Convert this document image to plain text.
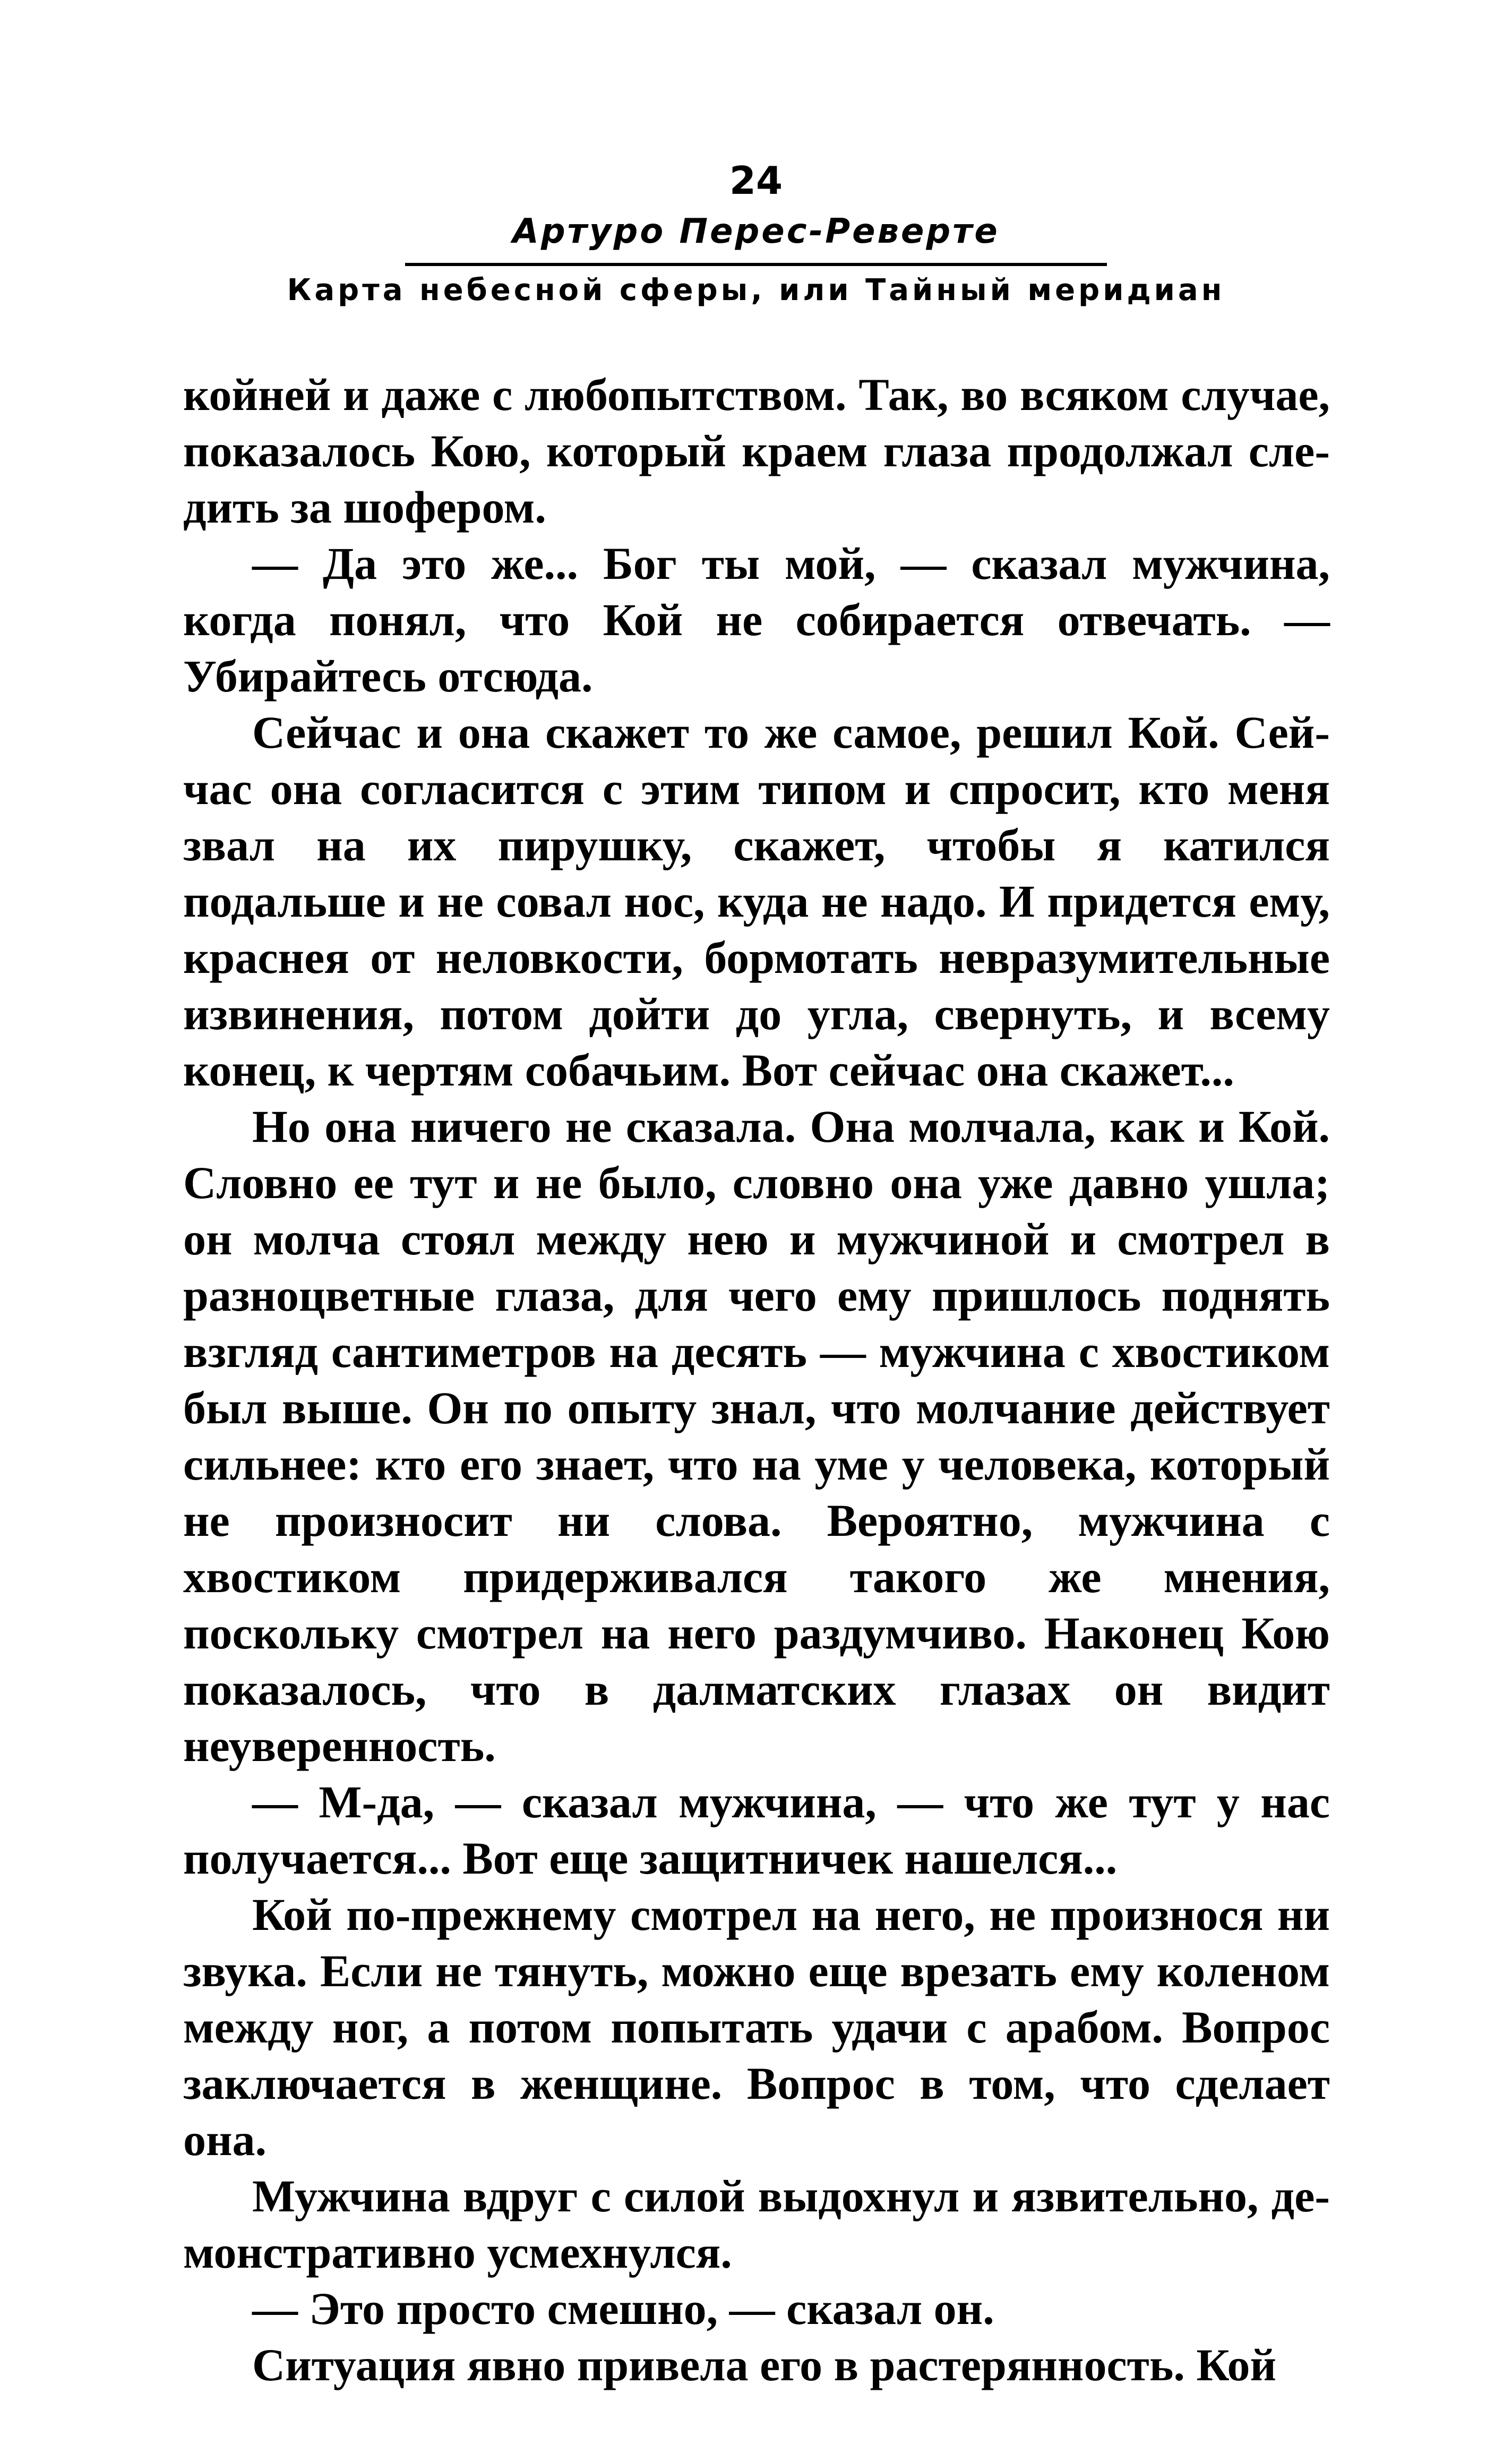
24
Артуро Перес-Реверте
Карта небесной сферы, или Тайный меридиан

койней и даже с любопытством. Так, во всяком случае, показалось Кою, который краем глаза продолжал следить за шофером.

— Да это же... Бог ты мой, — сказал мужчина, когда понял, что Кой не собирается отвечать. — Убирайтесь отсюда.

Сейчас и она скажет то же самое, решил Кой. Сейчас она согласится с этим типом и спросит, кто меня звал на их пирушку, скажет, чтобы я катился подальше и не совал нос, куда не надо. И придется ему, краснея от неловкости, бормотать невразумительные извинения, потом дойти до угла, свернуть, и всему конец, к чертям собачьим. Вот сейчас она скажет...

Но она ничего не сказала. Она молчала, как и Кой. Словно ее тут и не было, словно она уже давно ушла; он молча стоял между нею и мужчиной и смотрел в разноцветные глаза, для чего ему пришлось поднять взгляд сантиметров на десять — мужчина с хвостиком был выше. Он по опыту знал, что молчание действует сильнее: кто его знает, что на уме у человека, который не произносит ни слова. Вероятно, мужчина с хвостиком придерживался такого же мнения, поскольку смотрел на него раздумчиво. Наконец Кою показалось, что в далматских глазах он видит неуверенность.

— М-да, — сказал мужчина, — что же тут у нас получается... Вот еще защитничек нашелся...

Кой по-прежнему смотрел на него, не произнося ни звука. Если не тянуть, можно еще врезать ему коленом между ног, а потом попытать удачи с арабом. Вопрос заключается в женщине. Вопрос в том, что сделает она.

Мужчина вдруг с силой выдохнул и язвительно, демонстративно усмехнулся.

— Это просто смешно, — сказал он.

Ситуация явно привела его в растерянность. Кой
